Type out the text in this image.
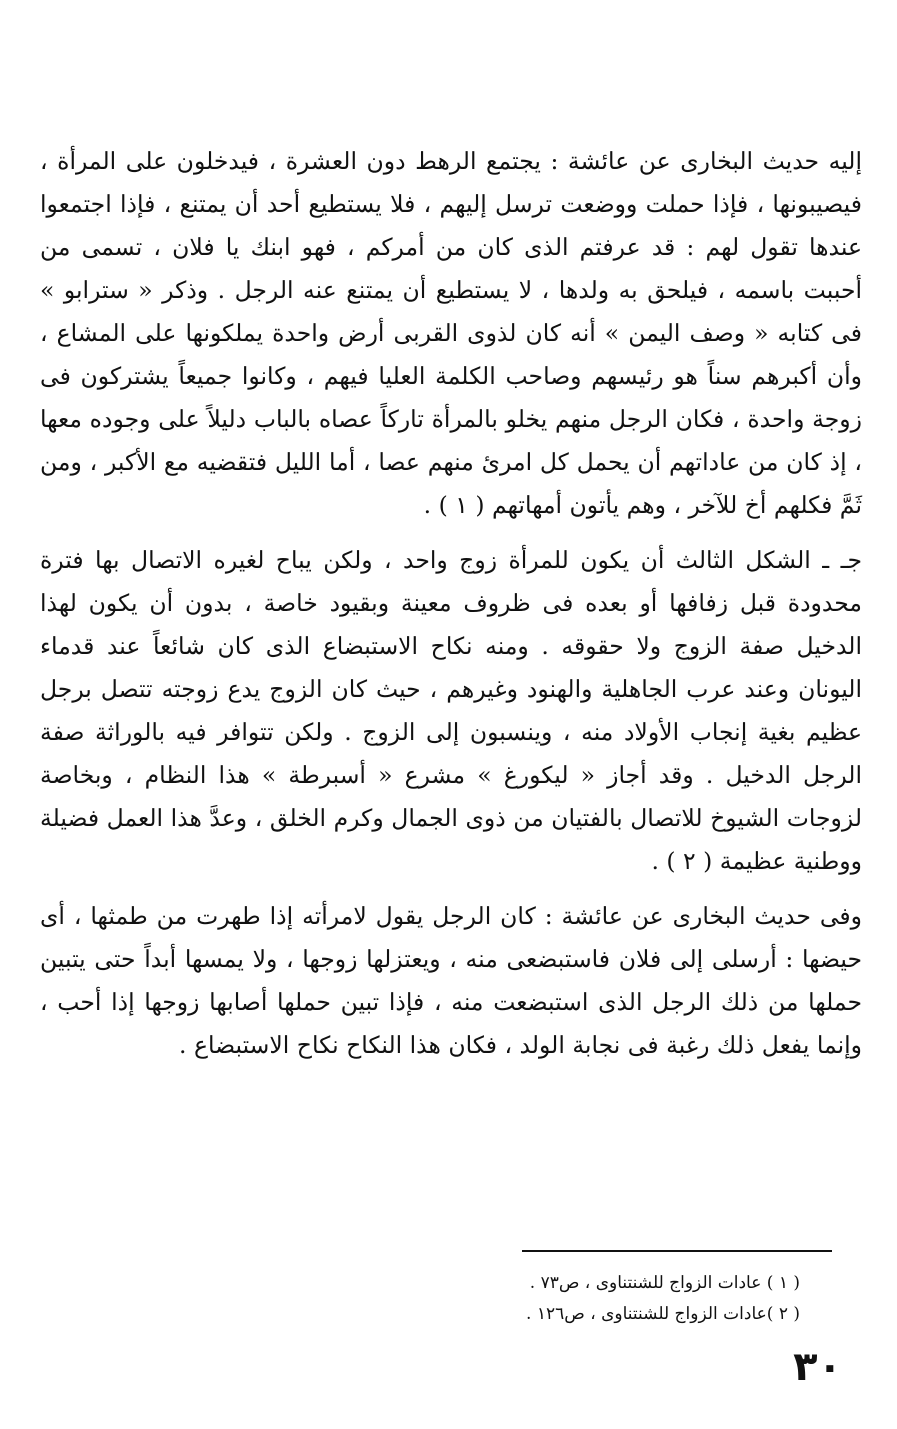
إليه حديث البخارى عن عائشة : يجتمع الرهط دون العشرة ، فيدخلون على المرأة ، فيصيبونها ، فإذا حملت ووضعت ترسل إليهم ، فلا يستطيع أحد أن يمتنع ، فإذا اجتمعوا عندها تقول لهم : قد عرفتم الذى كان من أمركم ، فهو ابنك يا فلان ، تسمى من أحببت باسمه ، فيلحق به ولدها ، لا يستطيع أن يمتنع عنه الرجل . وذكر « سترابو » فى كتابه « وصف اليمن » أنه كان لذوى القربى أرض واحدة يملكونها على المشاع ، وأن أكبرهم سناً هو رئيسهم وصاحب الكلمة العليا فيهم ، وكانوا جميعاً يشتركون فى زوجة واحدة ، فكان الرجل منهم يخلو بالمرأة تاركاً عصاه بالباب دليلاً على وجوده معها ، إذ كان من عاداتهم أن يحمل كل امرئ منهم عصا ، أما الليل فتقضيه مع الأكبر ، ومن ثَمَّ فكلهم أخ للآخر ، وهم يأتون أمهاتهم ( ١ ) .

جـ ـ الشكل الثالث أن يكون للمرأة زوج واحد ، ولكن يباح لغيره الاتصال بها فترة محدودة قبل زفافها أو بعده فى ظروف معينة وبقيود خاصة ، بدون أن يكون لهذا الدخيل صفة الزوج ولا حقوقه . ومنه نكاح الاستبضاع الذى كان شائعاً عند قدماء اليونان وعند عرب الجاهلية والهنود وغيرهم ، حيث كان الزوج يدع زوجته تتصل برجل عظيم بغية إنجاب الأولاد منه ، وينسبون إلى الزوج . ولكن تتوافر فيه بالوراثة صفة الرجل الدخيل . وقد أجاز « ليكورغ » مشرع « أسبرطة » هذا النظام ، وبخاصة لزوجات الشيوخ للاتصال بالفتيان من ذوى الجمال وكرم الخلق ، وعدَّ هذا العمل فضيلة ووطنية عظيمة ( ٢ ) .

وفى حديث البخارى عن عائشة : كان الرجل يقول لامرأته إذا طهرت من طمثها ، أى حيضها : أرسلى إلى فلان فاستبضعى منه ، ويعتزلها زوجها ، ولا يمسها أبداً حتى يتبين حملها من ذلك الرجل الذى استبضعت منه ، فإذا تبين حملها أصابها زوجها إذا أحب ، وإنما يفعل ذلك رغبة فى نجابة الولد ، فكان هذا النكاح نكاح الاستبضاع .

( ١ ) عادات الزواج للشنتناوى ، ص٧٣ .

( ٢ )عادات الزواج للشنتناوى ، ص١٢٦ .

٣٠
